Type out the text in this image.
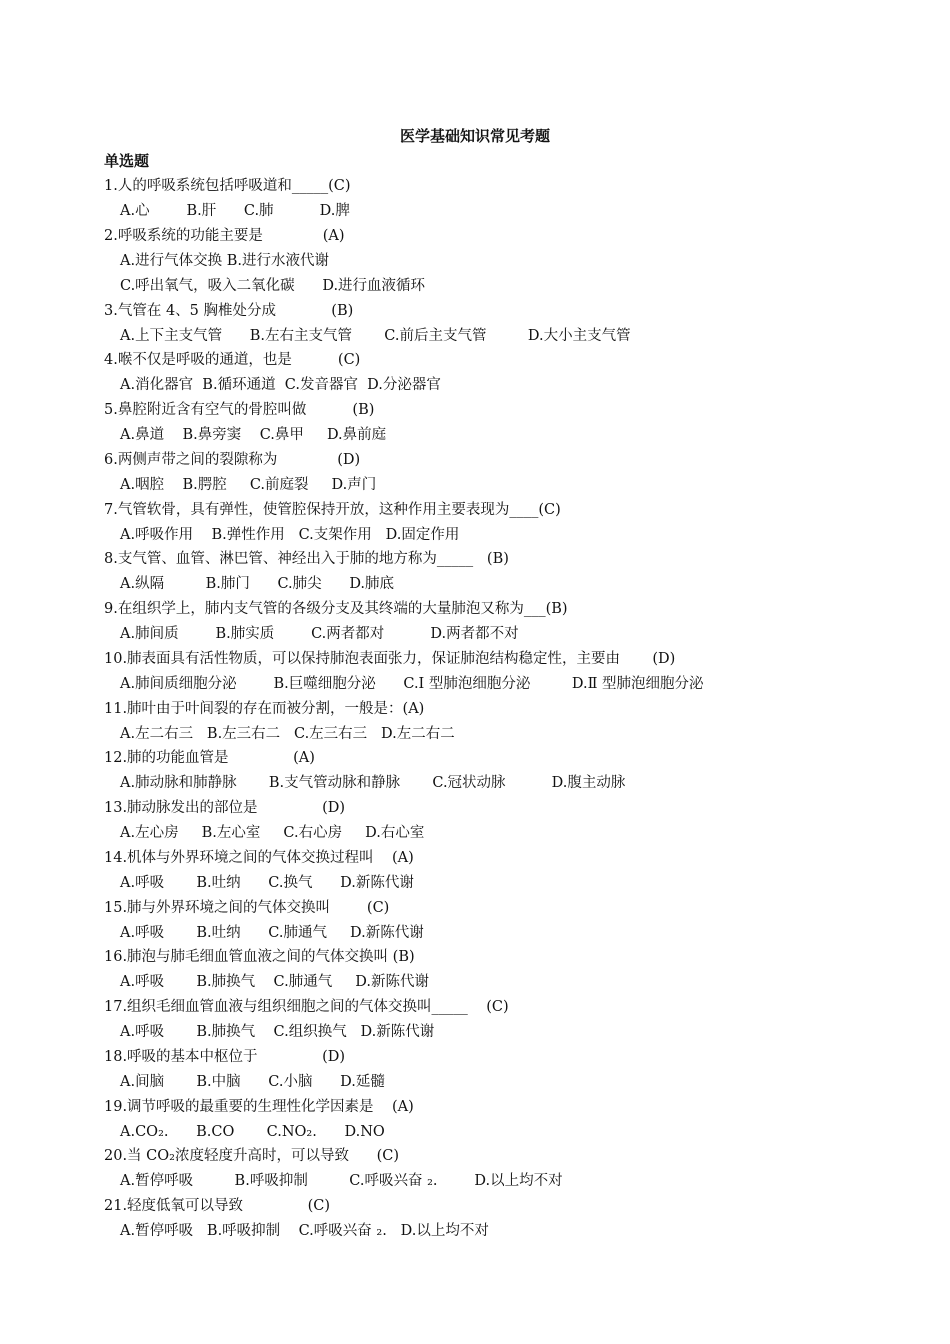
医学基础知识常见考题
单选题
1.人的呼吸系统包括呼吸道和_____(C)
A.心        B.肝      C.肺          D.脾
2.呼吸系统的功能主要是             (A)
A.进行气体交换 B.进行水液代谢
C.呼出氧气，吸入二氧化碳      D.进行血液循环
3.气管在 4、5 胸椎处分成            (B)
A.上下主支气管      B.左右主支气管       C.前后主支气管         D.大小主支气管
4.喉不仅是呼吸的通道，也是          (C)
A.消化器官  B.循环通道  C.发音器官  D.分泌器官
5.鼻腔附近含有空气的骨腔叫做          (B)
A.鼻道    B.鼻旁窦    C.鼻甲     D.鼻前庭
6.两侧声带之间的裂隙称为             (D)
A.咽腔    B.腭腔     C.前庭裂     D.声门
7.气管软骨，具有弹性，使管腔保持开放，这种作用主要表现为____(C)
A.呼吸作用    B.弹性作用   C.支架作用   D.固定作用
8.支气管、血管、淋巴管、神经出入于肺的地方称为_____   (B)
A.纵隔         B.肺门      C.肺尖      D.肺底
9.在组织学上，肺内支气管的各级分支及其终端的大量肺泡又称为___(B)
A.肺间质        B.肺实质        C.两者都对          D.两者都不对
10.肺表面具有活性物质，可以保持肺泡表面张力，保证肺泡结构稳定性，主要由       (D)
A.肺间质细胞分泌        B.巨噬细胞分泌      C.Ⅰ 型肺泡细胞分泌         D.Ⅱ 型肺泡细胞分泌
11.肺叶由于叶间裂的存在而被分割，一般是：(A)
A.左二右三   B.左三右二   C.左三右三   D.左二右二
12.肺的功能血管是              (A)
A.肺动脉和肺静脉       B.支气管动脉和静脉       C.冠状动脉          D.腹主动脉
13.肺动脉发出的部位是              (D)
A.左心房     B.左心室     C.右心房     D.右心室
14.机体与外界环境之间的气体交换过程叫    (A)
A.呼吸       B.吐纳      C.换气      D.新陈代谢
15.肺与外界环境之间的气体交换叫        (C)
A.呼吸       B.吐纳      C.肺通气     D.新陈代谢
16.肺泡与肺毛细血管血液之间的气体交换叫 (B)
A.呼吸       B.肺换气    C.肺通气     D.新陈代谢
17.组织毛细血管血液与组织细胞之间的气体交换叫_____    (C)
A.呼吸       B.肺换气    C.组织换气   D.新陈代谢
18.呼吸的基本中枢位于              (D)
A.间脑       B.中脑      C.小脑      D.延髓
19.调节呼吸的最重要的生理性化学因素是    (A)
A.CO₂.      B.CO       C.NO₂.      D.NO
20.当 CO₂浓度轻度升高时，可以导致      (C)
A.暂停呼吸         B.呼吸抑制         C.呼吸兴奋 ₂.        D.以上均不对
21.轻度低氧可以导致              (C)
A.暂停呼吸   B.呼吸抑制    C.呼吸兴奋 ₂.   D.以上均不对
